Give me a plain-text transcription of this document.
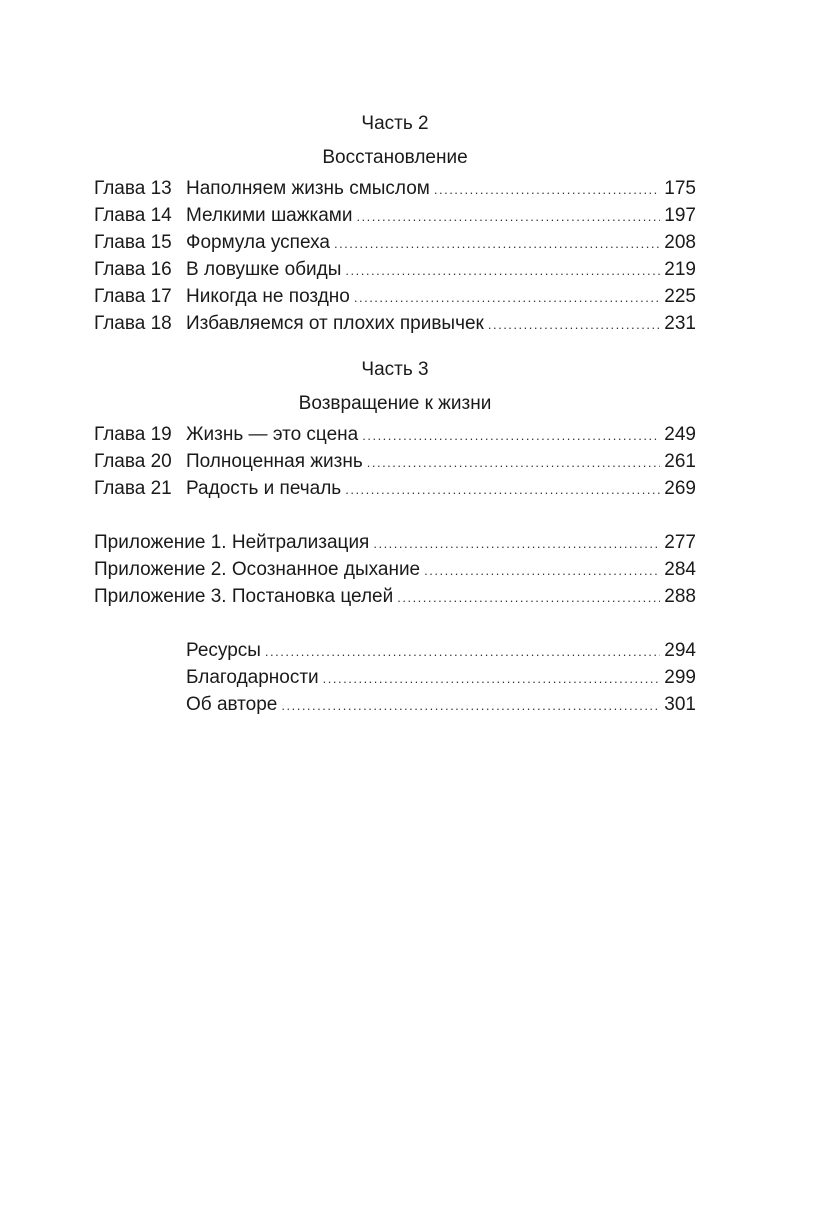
Часть 2
Восстановление
Глава 13 Наполняем жизнь смыслом .....	175
Глава 14 Мелкими шажками .....	197
Глава 15 Формула успеха .....	208
Глава 16 В ловушке обиды .....	219
Глава 17 Никогда не поздно .....	225
Глава 18 Избавляемся от плохих привычек .....	231
Часть 3
Возвращение к жизни
Глава 19 Жизнь — это сцена .....	249
Глава 20 Полноценная жизнь .....	261
Глава 21 Радость и печаль .....	269
Приложение 1. Нейтрализация .....	277
Приложение 2. Осознанное дыхание .....	284
Приложение 3. Постановка целей .....	288
Ресурсы .....	294
Благодарности .....	299
Об авторе .....	301
